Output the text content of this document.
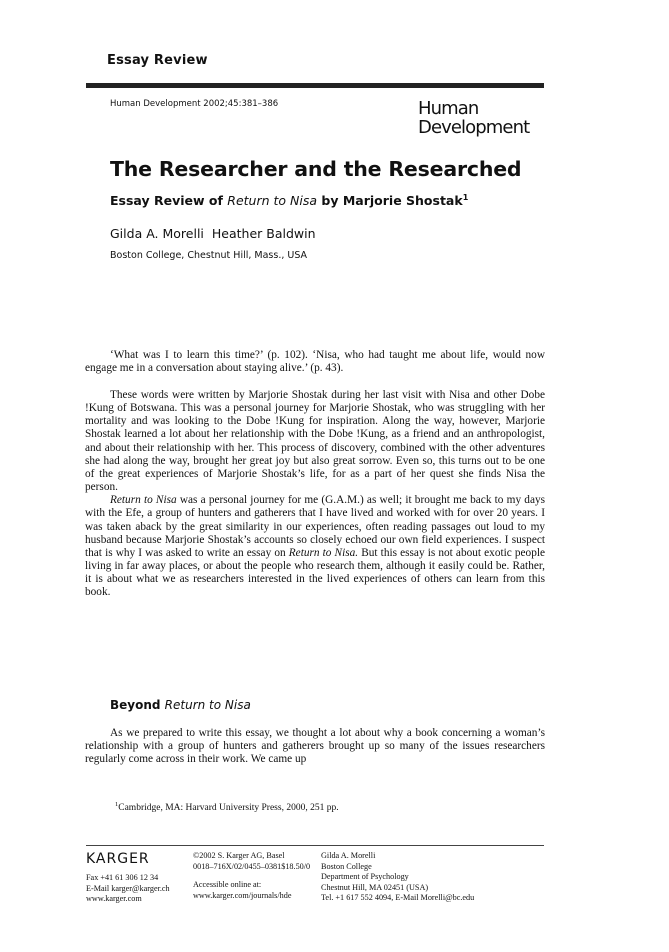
Essay Review
Human Development 2002;45:381–386	Human
Development
The Researcher and the Researched
Essay Review of Return to Nisa by Marjorie Shostak$^1$
Gilda A. Morelli Heather Baldwin
Boston College, Chestnut Hill, Mass., USA

‘What was I to learn this time?’ (p. 102). ‘Nisa, who had taught me about life, would now engage me in a conversation about staying alive.’ (p. 43).

These words were written by Marjorie Shostak during her last visit with Nisa and other Dobe !Kung of Botswana. This was a personal journey for Marjorie Shostak, who was struggling with her mortality and was looking to the Dobe !Kung for inspiration. Along the way, however, Marjorie Shostak learned a lot about her relationship with the Dobe !Kung, as a friend and an anthropologist, and about their relationship with her. This process of discovery, combined with the other adventures she had along the way, brought her great joy but also great sorrow. Even so, this turns out to be one of the great experiences of Marjorie Shostak’s life, for as a part of her quest she finds Nisa the person.

Return to Nisa was a personal journey for me (G.A.M.) as well; it brought me back to my days with the Efe, a group of hunters and gatherers that I have lived and worked with for over 20 years. I was taken aback by the great similarity in our experiences, often reading passages out loud to my husband because Marjorie Shostak’s accounts so closely echoed our own field experiences. I suspect that is why I was asked to write an essay on Return to Nisa. But this essay is not about exotic people living in far away places, or about the people who research them, although it easily could be. Rather, it is about what we as researchers interested in the lived experiences of others can learn from this book.

Beyond Return to Nisa

As we prepared to write this essay, we thought a lot about why a book concerning a woman’s relationship with a group of hunters and gatherers brought up so many of the issues researchers regularly come across in their work. We came up

$^1$Cambridge, MA: Harvard University Press, 2000, 251 pp.
KARGER
Fax +41 61 306 12 34
E-Mail karger@karger.ch
www.karger.com
©2002 S. Karger AG, Basel
0018–716X/02/0455–0381$18.50/0
Accessible online at:
www.karger.com/journals/hde
Gilda A. Morelli
Boston College
Department of Psychology
Chestnut Hill, MA 02451 (USA)
Tel. +1 617 552 4094, E-Mail Morelli@bc.edu
